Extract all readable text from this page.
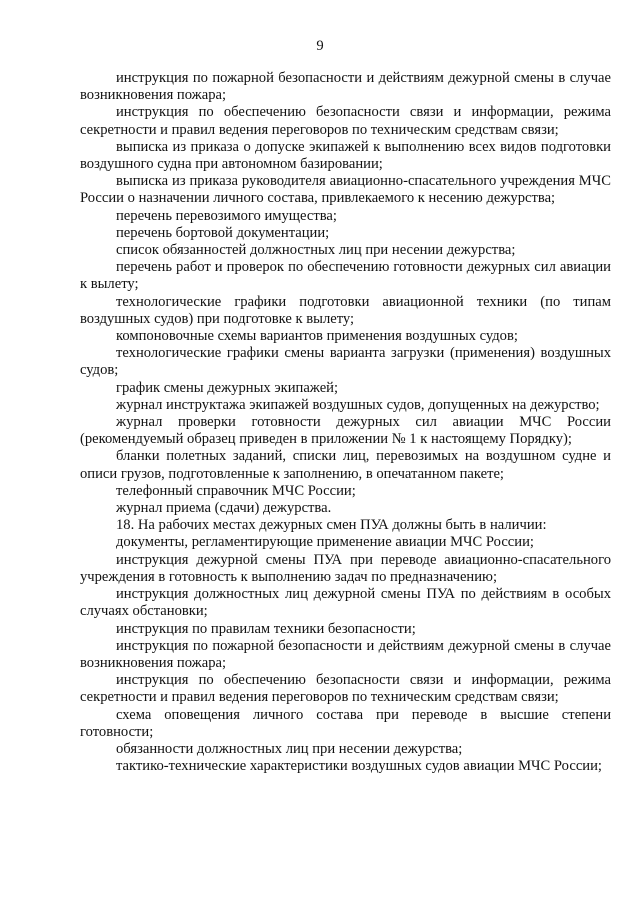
9

инструкция по пожарной безопасности и действиям дежурной смены в случае возникновения пожара;

инструкция по обеспечению безопасности связи и информации, режима секретности и правил ведения переговоров по техническим средствам связи;

выписка из приказа о допуске экипажей к выполнению всех видов подготовки воздушного судна при автономном базировании;

выписка из приказа руководителя авиационно-спасательного учреждения МЧС России о назначении личного состава, привлекаемого к несению дежурства;

перечень перевозимого имущества;

перечень бортовой документации;

список обязанностей должностных лиц при несении дежурства;

перечень работ и проверок по обеспечению готовности дежурных сил авиации к вылету;

технологические графики подготовки авиационной техники (по типам воздушных судов) при подготовке к вылету;

компоновочные схемы вариантов применения воздушных судов;

технологические графики смены варианта загрузки (применения) воздушных судов;

график смены дежурных экипажей;

журнал инструктажа экипажей воздушных судов, допущенных на дежурство;

журнал проверки готовности дежурных сил авиации МЧС России (рекомендуемый образец приведен в приложении № 1 к настоящему Порядку);

бланки полетных заданий, списки лиц, перевозимых на воздушном судне и описи грузов, подготовленные к заполнению, в опечатанном пакете;

телефонный справочник МЧС России;

журнал приема (сдачи) дежурства.

18. На рабочих местах дежурных смен ПУА должны быть в наличии:

документы, регламентирующие применение авиации МЧС России;

инструкция дежурной смены ПУА при переводе авиационно-спасательного учреждения в готовность к выполнению задач по предназначению;

инструкция должностных лиц дежурной смены ПУА по действиям в особых случаях обстановки;

инструкция по правилам техники безопасности;

инструкция по пожарной безопасности и действиям дежурной смены в случае возникновения пожара;

инструкция по обеспечению безопасности связи и информации, режима секретности и правил ведения переговоров по техническим средствам связи;

схема оповещения личного состава при переводе в высшие степени готовности;

обязанности должностных лиц при несении дежурства;

тактико-технические характеристики воздушных судов авиации МЧС России;
